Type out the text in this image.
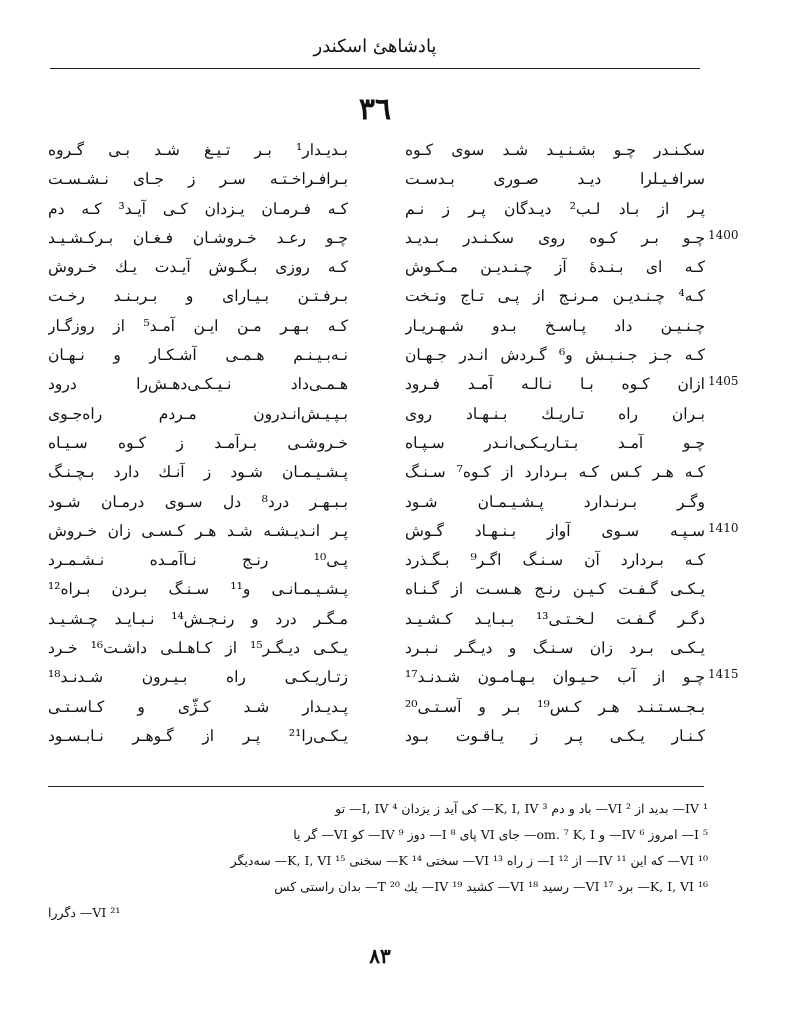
پادشاهئ اسكندر
٣٦
سكـنـدر چـو بشـنـيـد شـد سوی كـوه
سرافـيـلرا ديـد صـوری بـدسـت
پـر از بـاد لـب² ديـدگان پـر ز نـم
چـو بـر كـوه روی سكـنـدر بـديـد
كـه ای بـنـدۀ آز چـنـديـن مـكـوش
كـه⁴ چـنـديـن مـرنـج از پـی تـاج وتـخت
چـنـيـن داد پـاسـخ بـدو شـهـريـار
كـه جـز جـنـبـش و⁶ گـردش انـدر جـهـان
ازان كـوه بـا نـالـه آمـد فـرود
بـران راه تـاريـك بـنـهـاد روی
چـو آمـد بـتـاريـكـی‌انـدر سـپـاه
كـه هـر كـس كـه بـردارد از كـوه⁷ سـنـگ
وگـر بـرنـدارد پـشـيـمـان شـود
سـپـه سـوی آواز بـنـهـاد گـوش
كـه بـردارد آن سـنـگ اگـر⁹ بـگـذرد
يـكـی گـفـت كـيـن رنـج هـسـت از گـنـاه
دگـر گـفـت لـخـتـی¹³ بـبـايـد كـشـيـد
يـكـی بـرد زان سـنـگ و ديـگـر نـبـرد
چـو از آب حـيـوان بـهـامـون شـدنـد¹⁷
بـجـسـتـنـد هـر كـس¹⁹ بـر و آسـتـی²⁰
كـنـار يـكـی پـر ز يـاقـوت بـود
بـديـدار¹ بـر تـيـغ شـد بـی گـروه
بـرافـراخـتـه سـر ز جـای نـشـسـت
كـه فـرمـان يـزدان كـی آيـد³ كـه دم
چـو رعـد خـروشـان فـغـان بـركـشـيـد
كـه روزی بـگـوش آيـدت يـك خـروش
بـرفـتـن بـيـارای و بـربـنـد رخـت
كـه بـهـر مـن ايـن آمـد⁵ از روزگـار
نـه‌بـيـنـم هـمـی آشـكـار و نـهـان
هـمـی‌داد نـيـكـی‌دهـش‌را درود
بـپـيـش‌انـدرون مـردم راه‌جـوی
خـروشـی بـرآمـد ز كـوه سـيـاه
پـشـيـمـان شـود ز آنـك دارد بـچـنـگ
بـبـهـر درد⁸ دل سـوی درمـان شـود
پـر انـديـشـه شـد هـر كـسـی زان خـروش
پـی¹⁰ رنـج نـاآمـده نـشـمـرد
پـشـيـمـانـی و¹¹ سـنـگ بـردن بـراه¹²
مـگـر درد و رنـجـش¹⁴ نـبـايـد چـشـيـد
يـكـی ديـگـر¹⁵ از كـاهـلـی داشـت¹⁶ خـرد
زتـاريـكـی راه بـيـرون شـدنـد¹⁸
پـديـدار شـد كـژّی و كـاسـتـی
يـكـی‌را²¹ پـر از گـوهـر نـابـسـود
1400
1405
1410
1415
¹ IV— بديد از ² VI— باد و دم ³ K, I, IV— كی آيد ز يزدان ⁴ I, IV— تو
⁵ I— امروز ⁶ IV— و om. ⁷ K, I— جای VI پای ⁸ I— دوز ⁹ IV— كو VI— گر يا
¹⁰ VI— كه اين ¹¹ IV— از ¹² I— ز راه ¹³ VI— سختی ¹⁴ K— سخنی ¹⁵ K, I, VI— سه‌ديگر
¹⁶ K, I, VI— برد ¹⁷ VI— رسيد ¹⁸ VI— كشيد ¹⁹ IV— يك ²⁰ T— بدان راستی كس
²¹ VI— دگررا
٨٣
